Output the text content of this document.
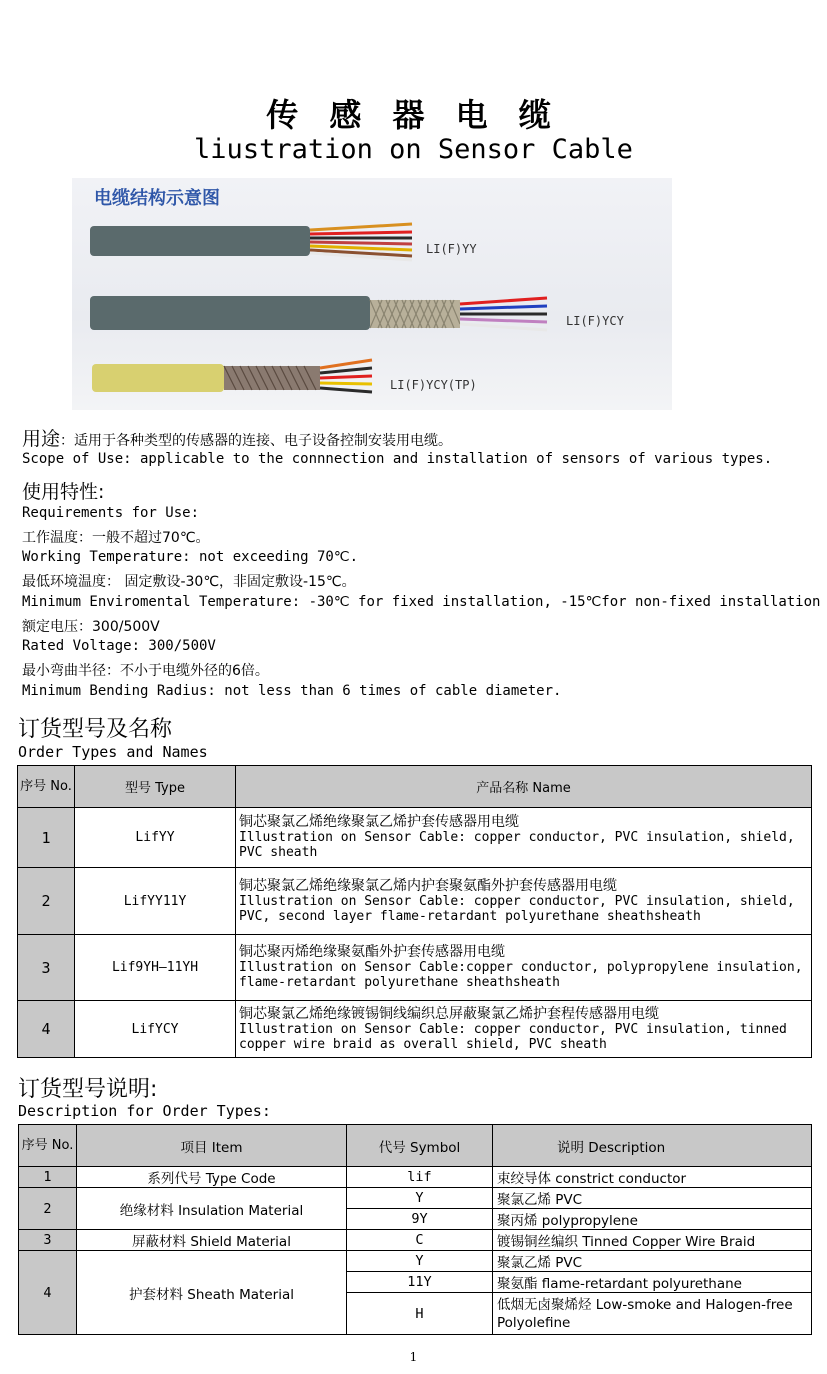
传 感 器 电 缆
liustration on Sensor Cable
电缆结构示意图
LI(F)YY
LI(F)YCY
LI(F)YCY(TP)
用途：适用于各种类型的传感器的连接、电子设备控制安装用电缆。
Scope of Use: applicable to the connnection and installation of sensors of various types.
使用特性:
Requirements for Use:
工作温度：一般不超过70℃。
Working Temperature: not exceeding 70℃.
最低环境温度： 固定敷设-30℃，非固定敷设-15℃。
Minimum Enviromental Temperature: -30℃ for fixed installation, -15℃for non-fixed installation
额定电压：300/500V
Rated Voltage: 300/500V
最小弯曲半径：不小于电缆外径的6倍。
Minimum Bending Radius: not less than 6 times of cable diameter.
订货型号及名称
Order Types and Names
序号 No.	型号 Type	产品名称 Name
1	LifYY	铜芯聚氯乙烯绝缘聚氯乙烯护套传感器用电缆
Illustration on Sensor Cable: copper conductor, PVC insulation, shield, PVC sheath

2	LifYY11Y	铜芯聚氯乙烯绝缘聚氯乙烯内护套聚氨酯外护套传感器用电缆
Illustration on Sensor Cable: copper conductor, PVC insulation, shield, PVC, second layer flame-retardant polyurethane sheathsheath

3	Lif9YH—11YH	铜芯聚丙烯绝缘聚氨酯外护套传感器用电缆
Illustration on Sensor Cable:copper conductor, polypropylene insulation, flame-retardant polyurethane sheathsheath

4	LifYCY	铜芯聚氯乙烯绝缘镀锡铜线编织总屏蔽聚氯乙烯护套程传感器用电缆
Illustration on Sensor Cable: copper conductor, PVC insulation, tinned copper wire braid as overall shield, PVC sheath
订货型号说明:
Description for Order Types:
序号 No.	项目 Item	代号 Symbol	说明 Description
1	系列代号 Type Code	lif	束绞导体 constrict conductor
2	绝缘材料 Insulation Material	Y	聚氯乙烯 PVC
		9Y	聚丙烯 polypropylene
3	屏蔽材料 Shield Material	C	镀锡铜丝编织 Tinned Copper Wire Braid
4	护套材料 Sheath Material	Y	聚氯乙烯 PVC
		11Y	聚氨酯 flame-retardant polyurethane
		H	低烟无卤聚烯烃 Low-smoke and Halogen-free Polyolefine
1
